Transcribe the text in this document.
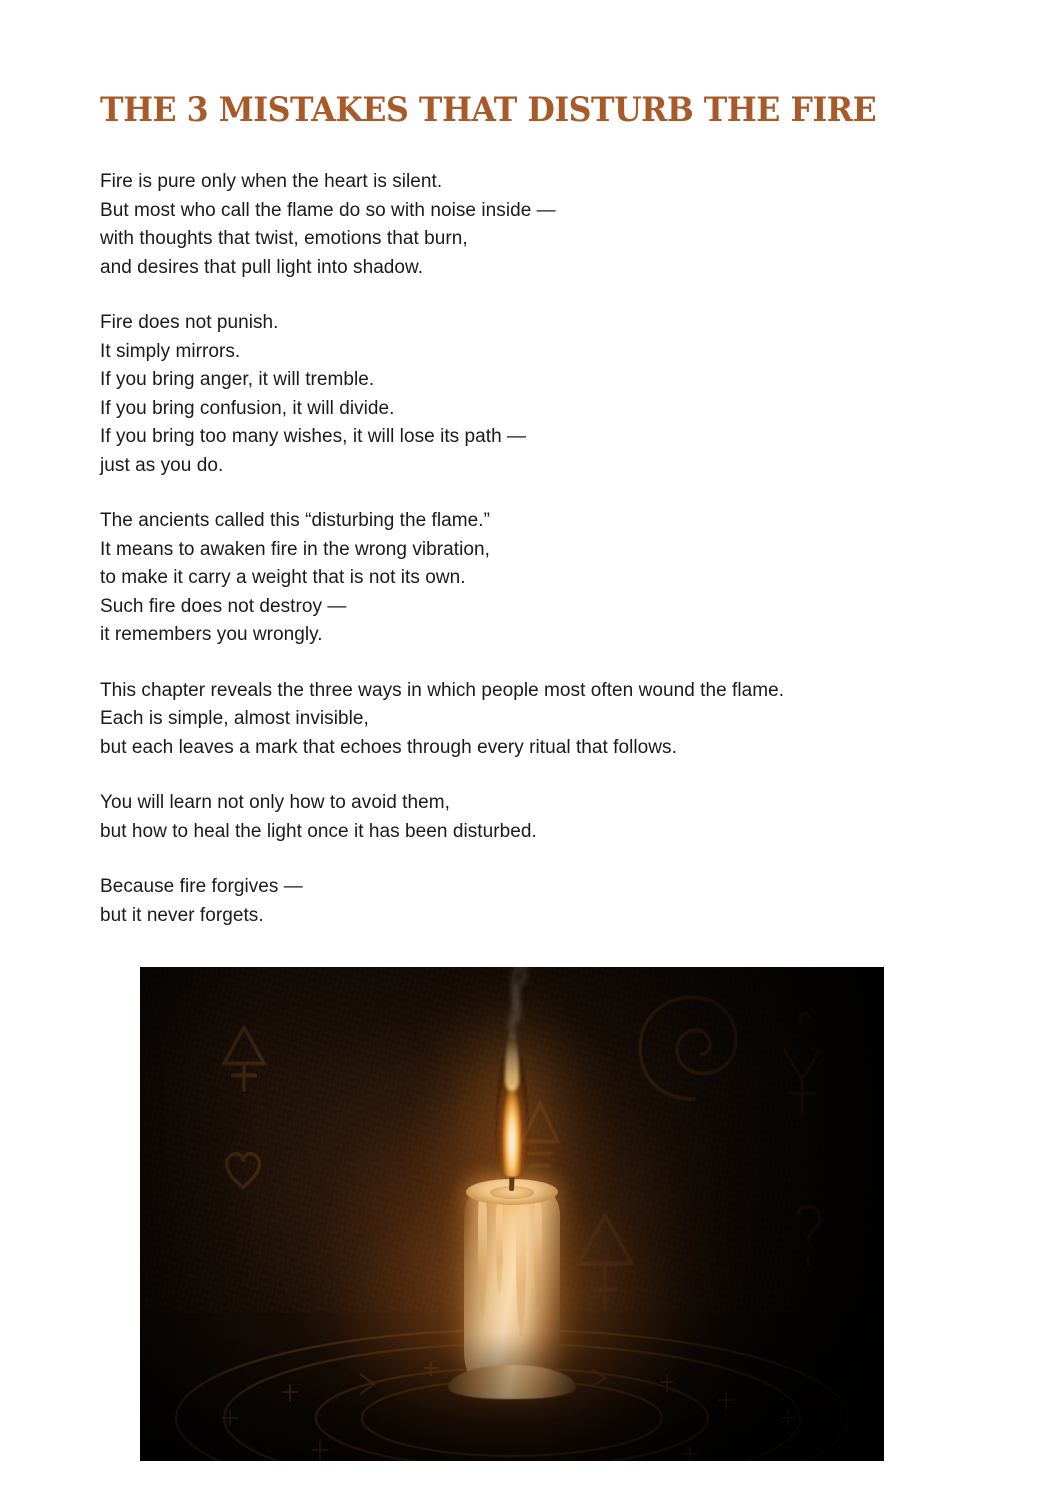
THE 3 MISTAKES THAT DISTURB THE FIRE

Fire is pure only when the heart is silent.
But most who call the flame do so with noise inside —
with thoughts that twist, emotions that burn,
and desires that pull light into shadow.

Fire does not punish.
It simply mirrors.
If you bring anger, it will tremble.
If you bring confusion, it will divide.
If you bring too many wishes, it will lose its path —
just as you do.

The ancients called this “disturbing the flame.”
It means to awaken fire in the wrong vibration,
to make it carry a weight that is not its own.
Such fire does not destroy —
it remembers you wrongly.

This chapter reveals the three ways in which people most often wound the flame.

Each is simple, almost invisible,
but each leaves a mark that echoes through every ritual that follows.

You will learn not only how to avoid them,
but how to heal the light once it has been disturbed.

Because fire forgives —
but it never forgets.
